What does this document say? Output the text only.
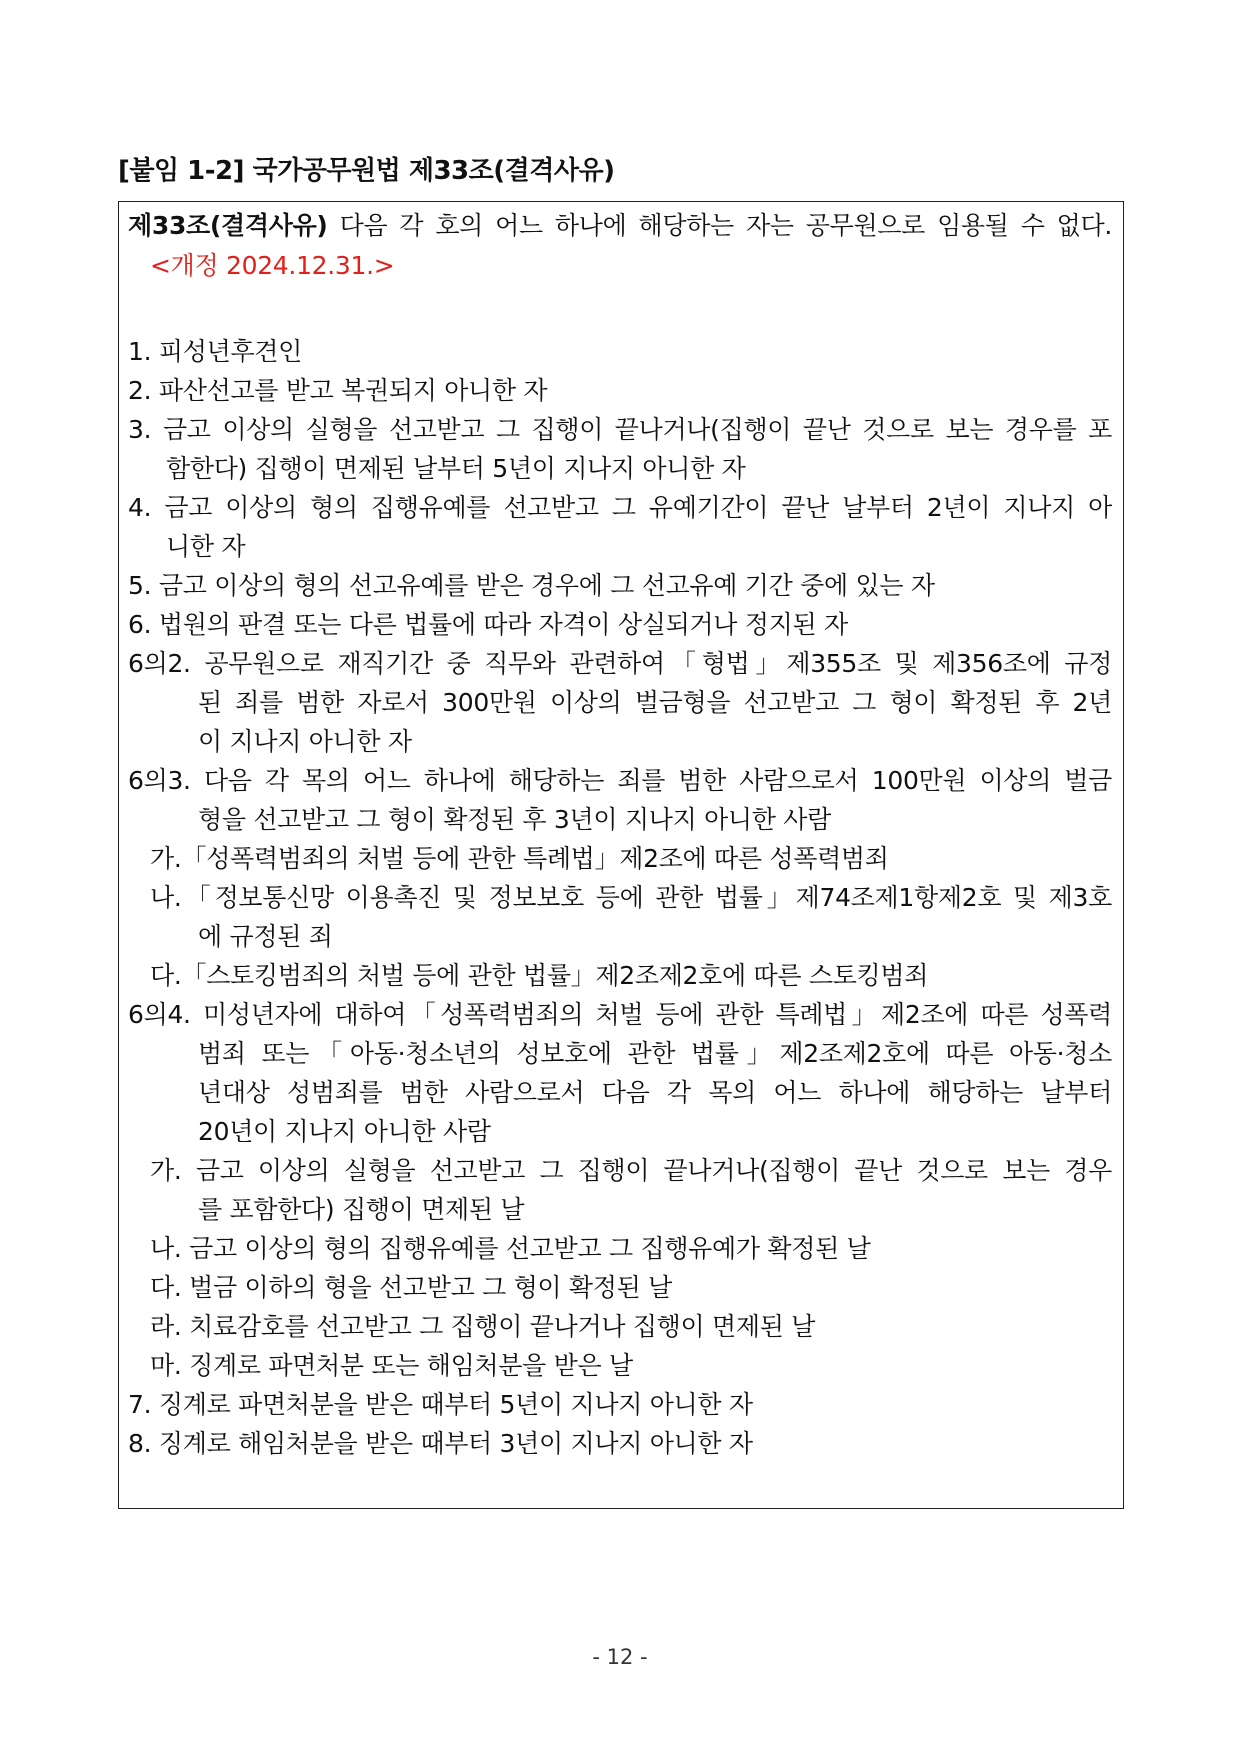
[붙임 1-2] 국가공무원법 제33조(결격사유)
제33조(결격사유) 다음 각 호의 어느 하나에 해당하는 자는 공무원으로 임용될 수 없다.
<개정 2024.12.31.>
1. 피성년후견인
2. 파산선고를 받고 복권되지 아니한 자
3. 금고 이상의 실형을 선고받고 그 집행이 끝나거나(집행이 끝난 것으로 보는 경우를 포
함한다) 집행이 면제된 날부터 5년이 지나지 아니한 자
4. 금고 이상의 형의 집행유예를 선고받고 그 유예기간이 끝난 날부터 2년이 지나지 아
니한 자
5. 금고 이상의 형의 선고유예를 받은 경우에 그 선고유예 기간 중에 있는 자
6. 법원의 판결 또는 다른 법률에 따라 자격이 상실되거나 정지된 자
6의2. 공무원으로 재직기간 중 직무와 관련하여「형법」제355조 및 제356조에 규정
된 죄를 범한 자로서 300만원 이상의 벌금형을 선고받고 그 형이 확정된 후 2년
이 지나지 아니한 자
6의3. 다음 각 목의 어느 하나에 해당하는 죄를 범한 사람으로서 100만원 이상의 벌금
형을 선고받고 그 형이 확정된 후 3년이 지나지 아니한 사람
가.「성폭력범죄의 처벌 등에 관한 특례법」제2조에 따른 성폭력범죄
나.「정보통신망 이용촉진 및 정보보호 등에 관한 법률」제74조제1항제2호 및 제3호
에 규정된 죄
다.「스토킹범죄의 처벌 등에 관한 법률」제2조제2호에 따른 스토킹범죄
6의4. 미성년자에 대하여「성폭력범죄의 처벌 등에 관한 특례법」제2조에 따른 성폭력
범죄 또는「아동·청소년의 성보호에 관한 법률」제2조제2호에 따른 아동·청소
년대상 성범죄를 범한 사람으로서 다음 각 목의 어느 하나에 해당하는 날부터
20년이 지나지 아니한 사람
가. 금고 이상의 실형을 선고받고 그 집행이 끝나거나(집행이 끝난 것으로 보는 경우
를 포함한다) 집행이 면제된 날
나. 금고 이상의 형의 집행유예를 선고받고 그 집행유예가 확정된 날
다. 벌금 이하의 형을 선고받고 그 형이 확정된 날
라. 치료감호를 선고받고 그 집행이 끝나거나 집행이 면제된 날
마. 징계로 파면처분 또는 해임처분을 받은 날
7. 징계로 파면처분을 받은 때부터 5년이 지나지 아니한 자
8. 징계로 해임처분을 받은 때부터 3년이 지나지 아니한 자
- 12 -
